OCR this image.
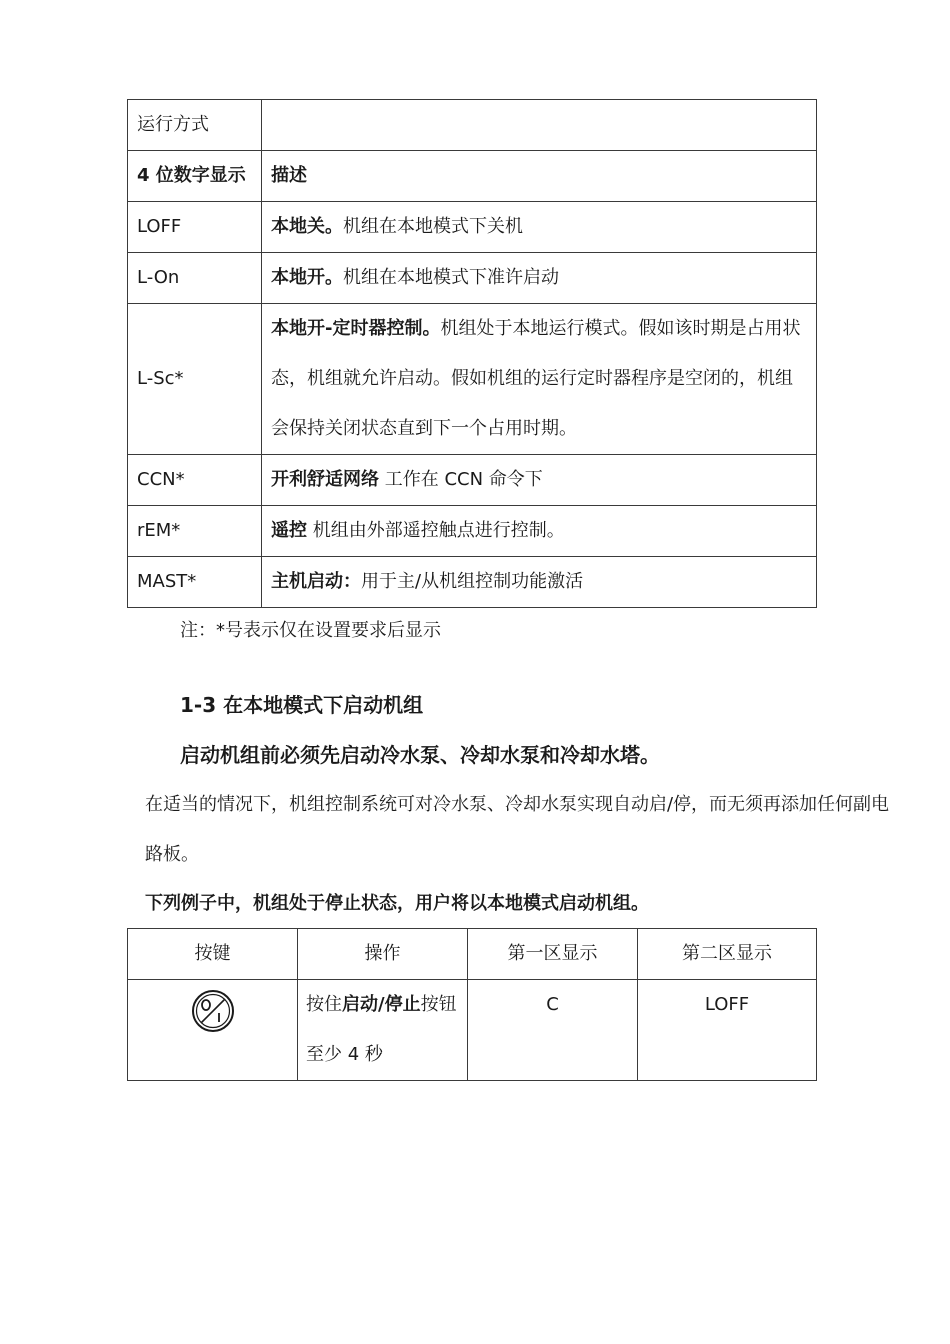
运行方式	
4 位数字显示	描述
LOFF	本地关。机组在本地模式下关机
L-On	本地开。机组在本地模式下准许启动
L-Sc*	本地开-定时器控制。机组处于本地运行模式。假如该时期是占用状态，机组就允许启动。假如机组的运行定时器程序是空闭的，机组会保持关闭状态直到下一个占用时期。
CCN*	开利舒适网络 工作在 CCN 命令下
rEM*	遥控 机组由外部遥控触点进行控制。
MAST*	主机启动：用于主/从机组控制功能激活
注：*号表示仅在设置要求后显示
1-3 在本地模式下启动机组
启动机组前必须先启动冷水泵、冷却水泵和冷却水塔。
在适当的情况下，机组控制系统可对冷水泵、冷却水泵实现自动启/停，而无须再添加任何副电路板。
下列例子中，机组处于停止状态，用户将以本地模式启动机组。
按键	操作	第一区显示	第二区显示
	按住启动/停止按钮至少 4 秒	C	LOFF
